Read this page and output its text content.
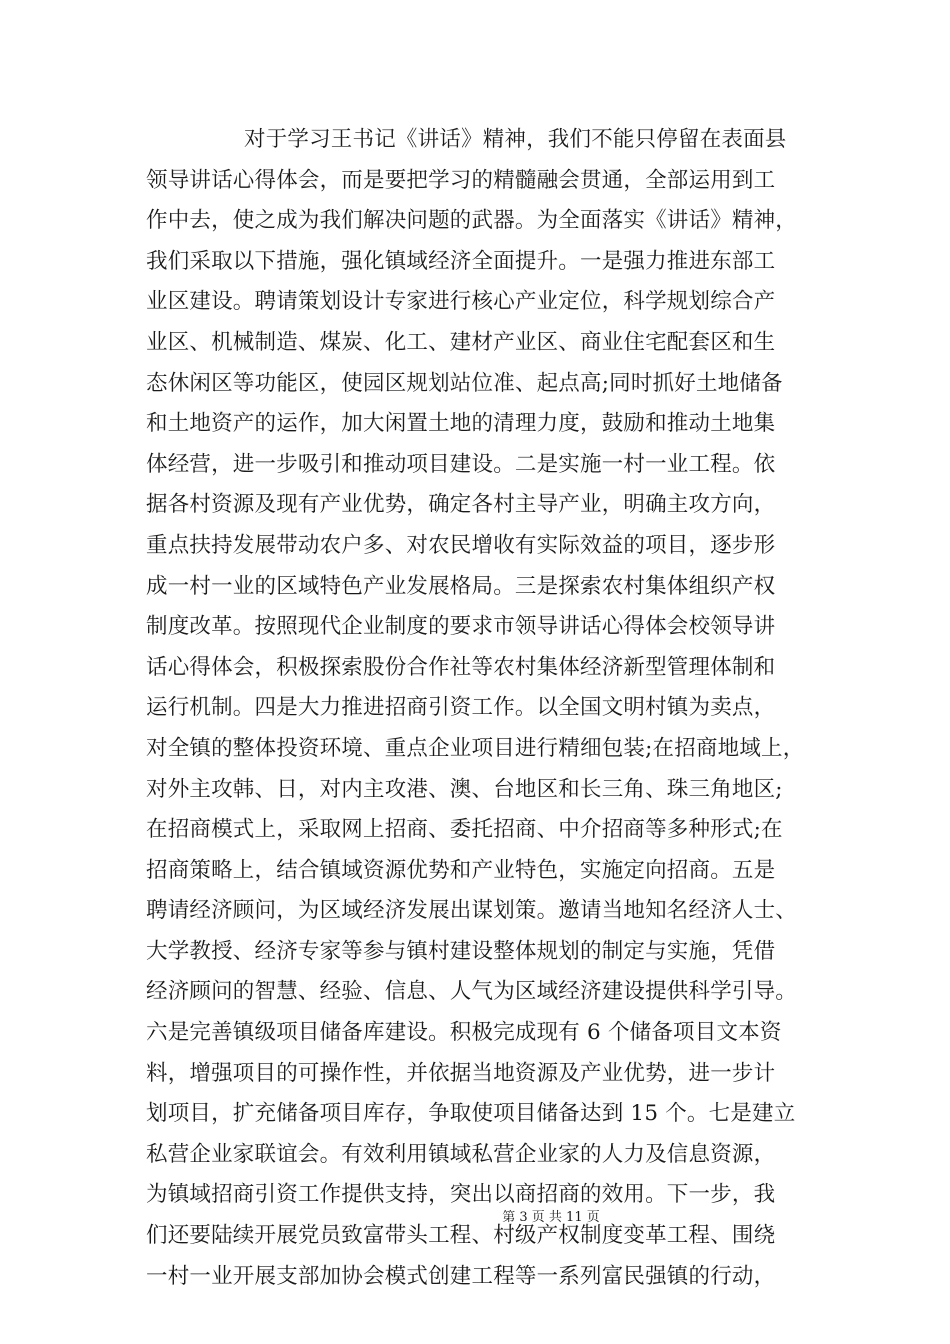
对于学习王书记《讲话》精神，我们不能只停留在表面县
领导讲话心得体会，而是要把学习的精髓融会贯通，全部运用到工
作中去，使之成为我们解决问题的武器。为全面落实《讲话》精神，
我们采取以下措施，强化镇域经济全面提升。一是强力推进东部工
业区建设。聘请策划设计专家进行核心产业定位，科学规划综合产
业区、机械制造、煤炭、化工、建材产业区、商业住宅配套区和生
态休闲区等功能区，使园区规划站位准、起点高;同时抓好土地储备
和土地资产的运作，加大闲置土地的清理力度，鼓励和推动土地集
体经营，进一步吸引和推动项目建设。二是实施一村一业工程。依
据各村资源及现有产业优势，确定各村主导产业，明确主攻方向，
重点扶持发展带动农户多、对农民增收有实际效益的项目，逐步形
成一村一业的区域特色产业发展格局。三是探索农村集体组织产权
制度改革。按照现代企业制度的要求市领导讲话心得体会校领导讲
话心得体会，积极探索股份合作社等农村集体经济新型管理体制和
运行机制。四是大力推进招商引资工作。以全国文明村镇为卖点，
对全镇的整体投资环境、重点企业项目进行精细包装;在招商地域上，
对外主攻韩、日，对内主攻港、澳、台地区和长三角、珠三角地区;
在招商模式上，采取网上招商、委托招商、中介招商等多种形式;在
招商策略上，结合镇域资源优势和产业特色，实施定向招商。五是
聘请经济顾问，为区域经济发展出谋划策。邀请当地知名经济人士、
大学教授、经济专家等参与镇村建设整体规划的制定与实施，凭借
经济顾问的智慧、经验、信息、人气为区域经济建设提供科学引导。
六是完善镇级项目储备库建设。积极完成现有 6 个储备项目文本资
料，增强项目的可操作性，并依据当地资源及产业优势，进一步计
划项目，扩充储备项目库存，争取使项目储备达到 15 个。七是建立
私营企业家联谊会。有效利用镇域私营企业家的人力及信息资源，
为镇域招商引资工作提供支持，突出以商招商的效用。下一步，我
们还要陆续开展党员致富带头工程、村级产权制度变革工程、围绕
一村一业开展支部加协会模式创建工程等一系列富民强镇的行动，
第 3 页 共 11 页
